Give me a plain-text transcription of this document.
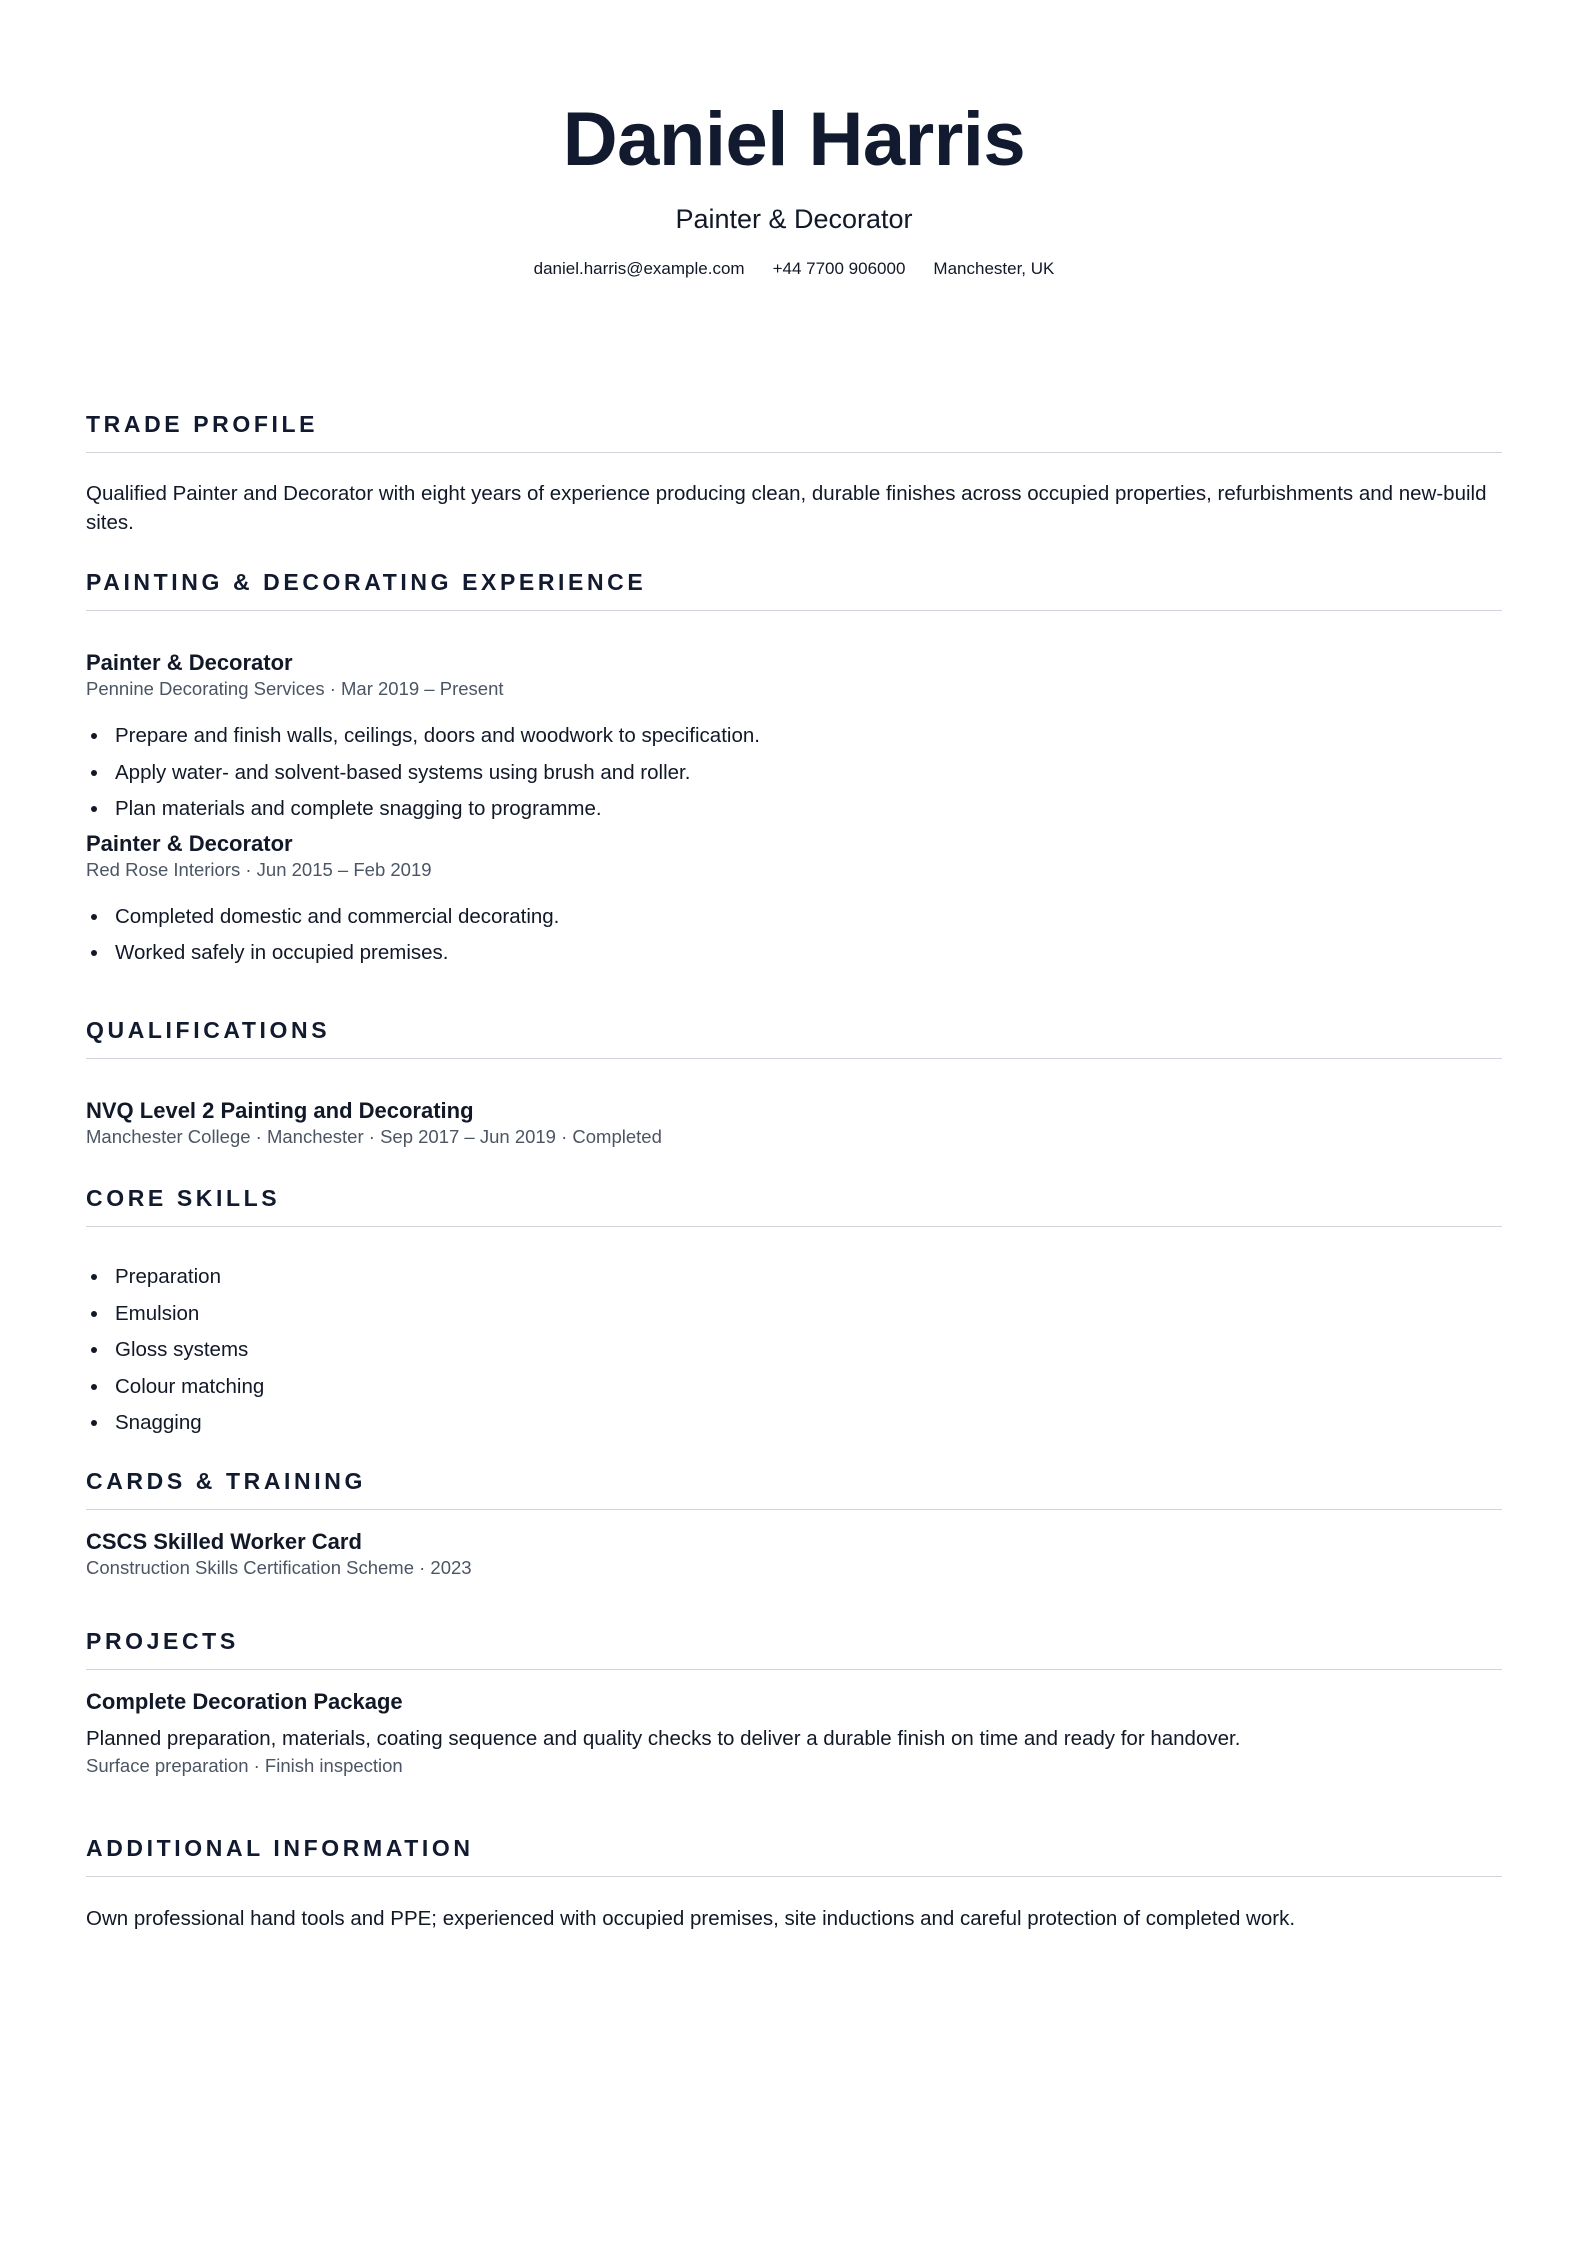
Daniel Harris
Painter & Decorator
daniel.harris@example.com +44 7700 906000 Manchester, UK
TRADE PROFILE
Qualified Painter and Decorator with eight years of experience producing clean, durable finishes across occupied properties, refurbishments and new-build sites.
PAINTING & DECORATING EXPERIENCE
Painter & Decorator
Pennine Decorating Services · Mar 2019 – Present
Prepare and finish walls, ceilings, doors and woodwork to specification.
Apply water- and solvent-based systems using brush and roller.
Plan materials and complete snagging to programme.
Painter & Decorator
Red Rose Interiors · Jun 2015 – Feb 2019
Completed domestic and commercial decorating.
Worked safely in occupied premises.
QUALIFICATIONS
NVQ Level 2 Painting and Decorating
Manchester College · Manchester · Sep 2017 – Jun 2019 · Completed
CORE SKILLS
Preparation
Emulsion
Gloss systems
Colour matching
Snagging
CARDS & TRAINING
CSCS Skilled Worker Card
Construction Skills Certification Scheme · 2023
PROJECTS
Complete Decoration Package
Planned preparation, materials, coating sequence and quality checks to deliver a durable finish on time and ready for handover.
Surface preparation · Finish inspection
ADDITIONAL INFORMATION
Own professional hand tools and PPE; experienced with occupied premises, site inductions and careful protection of completed work.
